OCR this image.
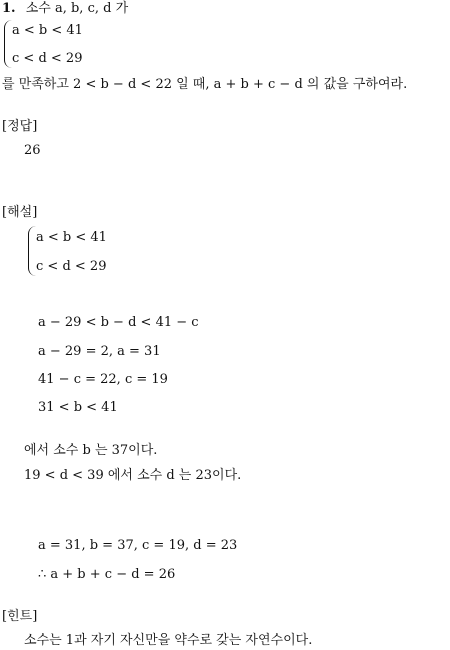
1. 소수 a, b, c, d 가
a < b < 41
c < d < 29
를 만족하고 2 < b − d < 22 일 때, a + b + c − d 의 값을 구하여라.
[정답]
26
[해설]
a < b < 41
c < d < 29
a − 29 < b − d < 41 − c
a − 29 = 2, a = 31
41 − c = 22, c = 19
31 < b < 41
에서 소수 b 는 37이다.
19 < d < 39 에서 소수 d 는 23이다.
a = 31, b = 37, c = 19, d = 23
∴ a + b + c − d = 26
[힌트]
소수는 1과 자기 자신만을 약수로 갖는 자연수이다.
